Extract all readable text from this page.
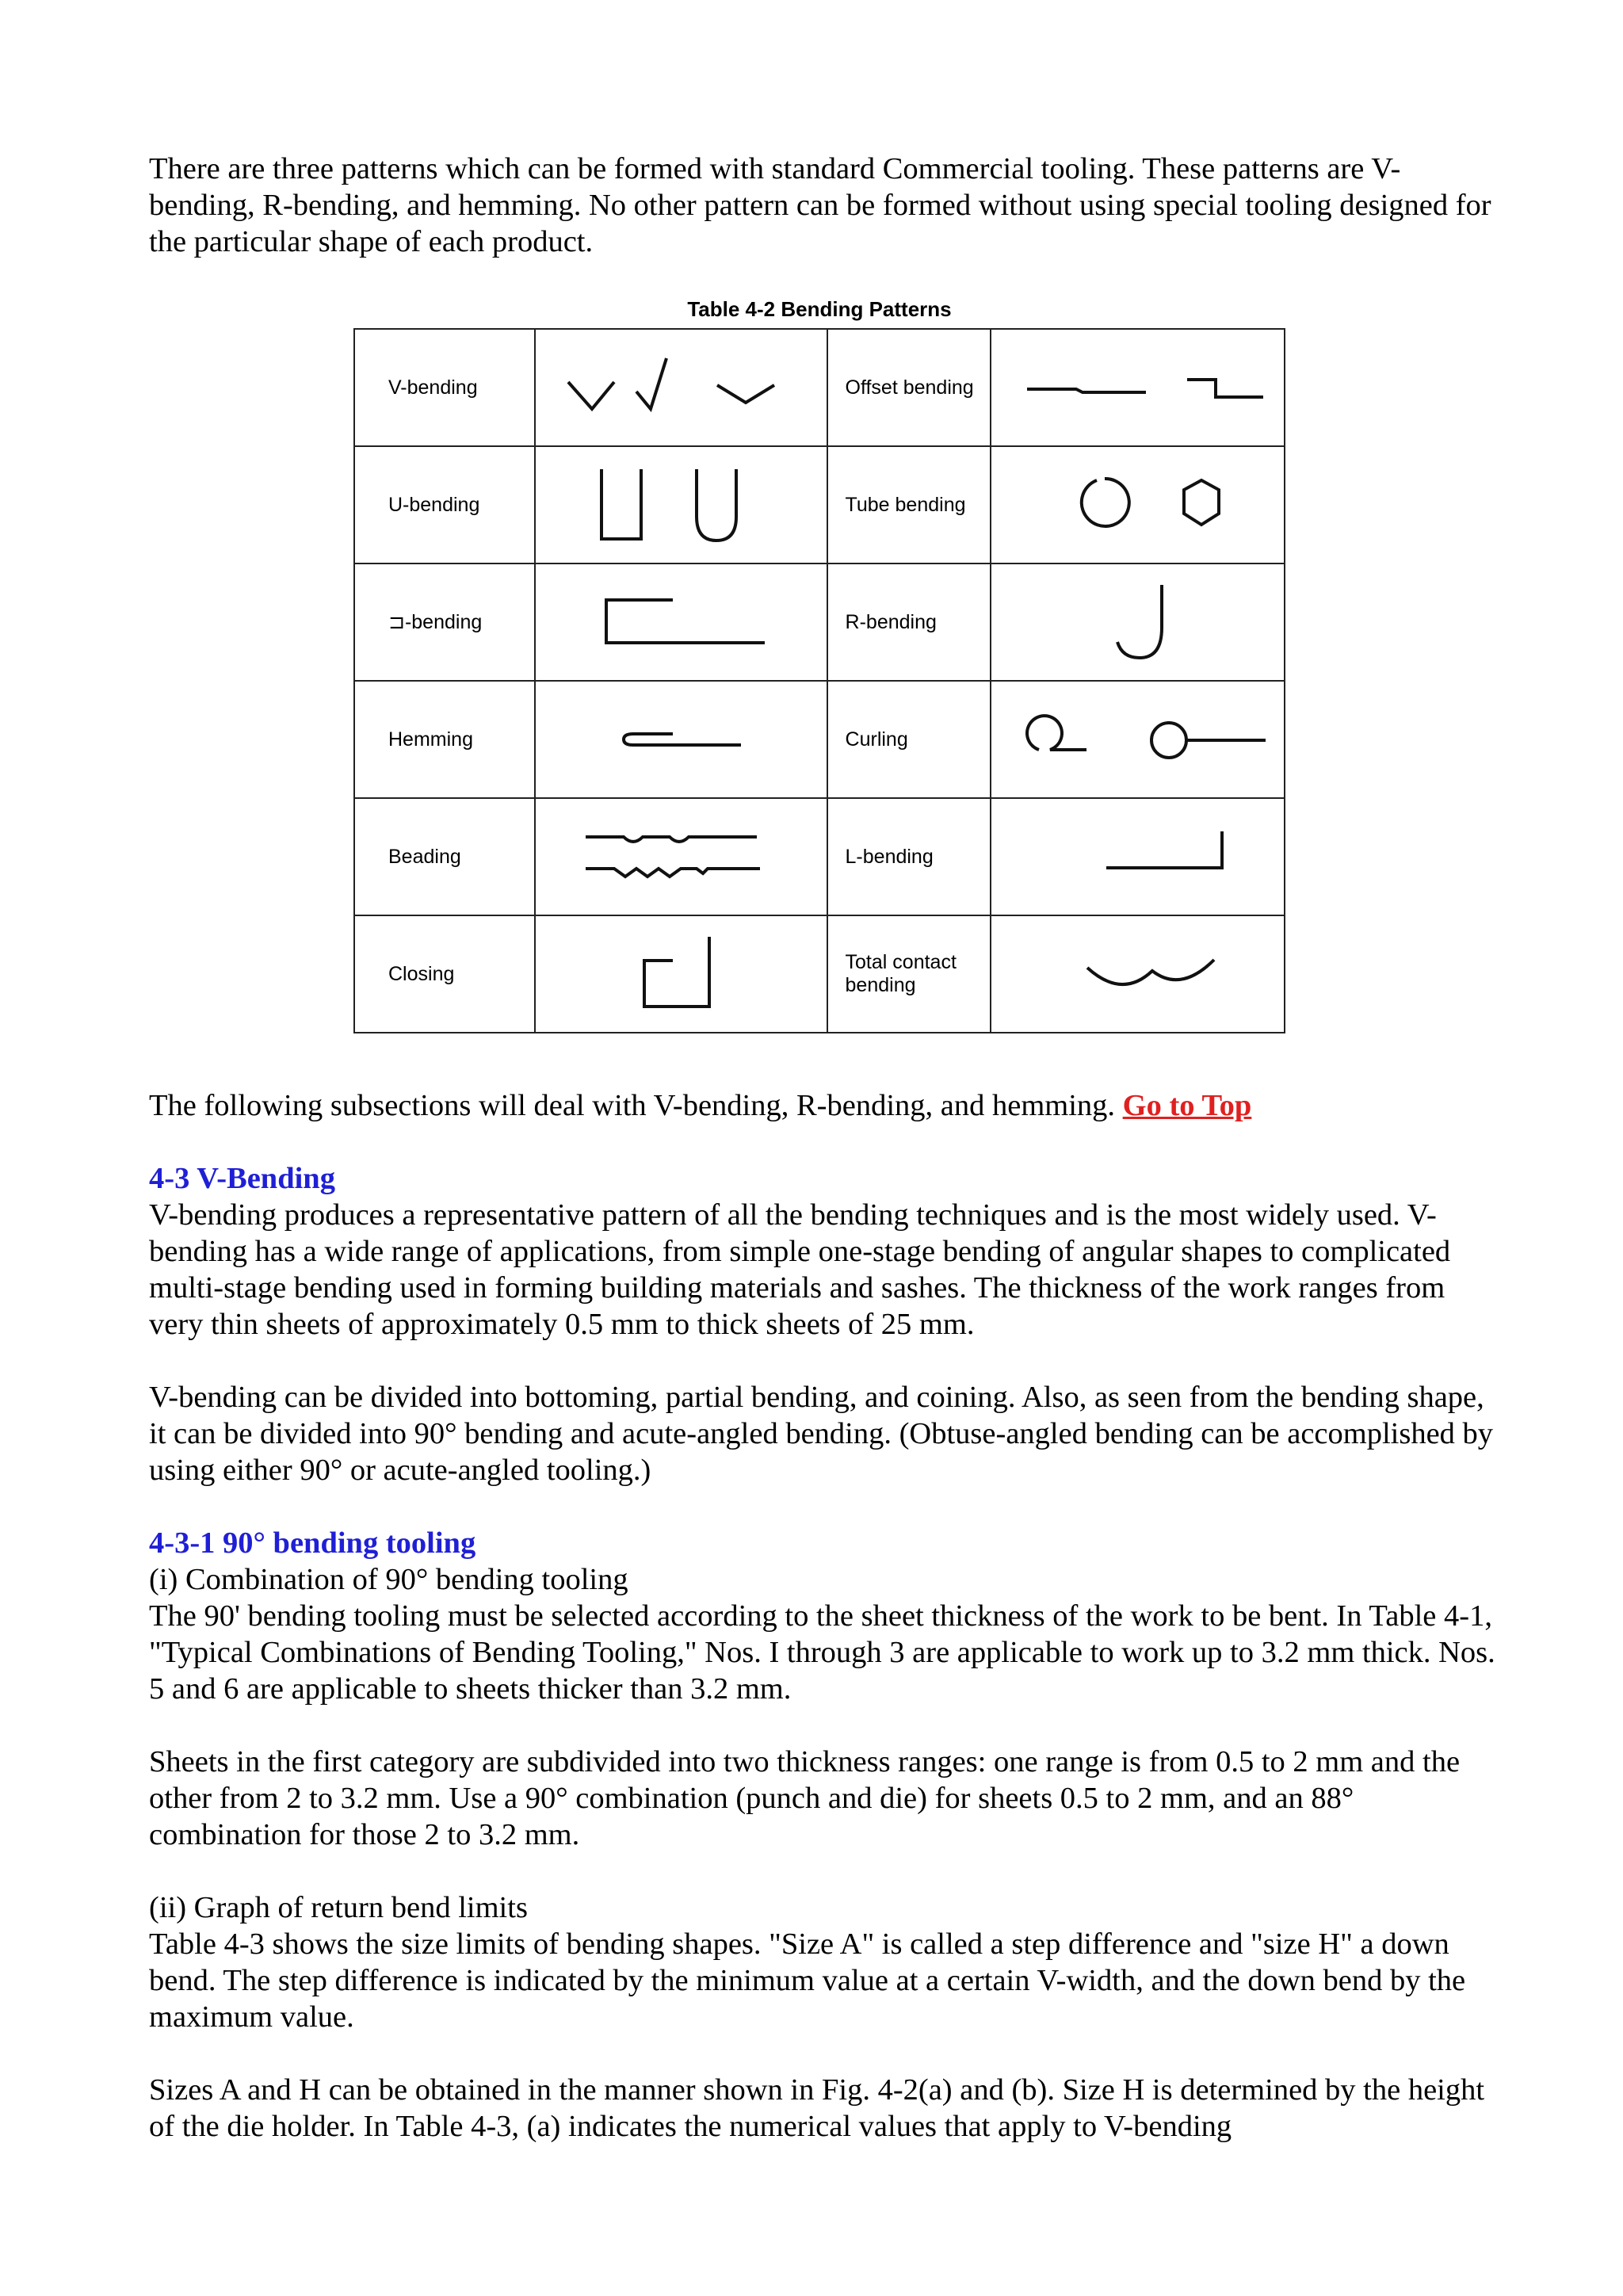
There are three patterns which can be formed with standard Commercial tooling. These patterns are V-bending, R-bending, and hemming. No other pattern can be formed without using special tooling designed for the particular shape of each product.

Table 4-2 Bending Patterns
V-bending		Offset bending	

U-bending		Tube bending	

⊐-bending		R-bending	

Hemming		Curling	

Beading		L-bending	

Closing		Total contact
bending

The following subsections will deal with V-bending, R-bending, and hemming. Go to Top

4-3 V-Bending

V-bending produces a representative pattern of all the bending techniques and is the most widely used. V-bending has a wide range of applications, from simple one-stage bending of angular shapes to complicated multi-stage bending used in forming building materials and sashes. The thickness of the work ranges from very thin sheets of approximately 0.5 mm to thick sheets of 25 mm.

V-bending can be divided into bottoming, partial bending, and coining. Also, as seen from the bending shape, it can be divided into 90° bending and acute-angled bending. (Obtuse-angled bending can be accomplished by using either 90° or acute-angled tooling.)

4-3-1 90° bending tooling

(i) Combination of 90° bending tooling

The 90' bending tooling must be selected according to the sheet thickness of the work to be bent. In Table 4-1, "Typical Combinations of Bending Tooling," Nos. I through 3 are applicable to work up to 3.2 mm thick. Nos. 5 and 6 are applicable to sheets thicker than 3.2 mm.

Sheets in the first category are subdivided into two thickness ranges: one range is from 0.5 to 2 mm and the other from 2 to 3.2 mm. Use a 90° combination (punch and die) for sheets 0.5 to 2 mm, and an 88° combination for those 2 to 3.2 mm.

(ii) Graph of return bend limits

Table 4-3 shows the size limits of bending shapes. "Size A" is called a step difference and "size H" a down bend. The step difference is indicated by the minimum value at a certain V-width, and the down bend by the maximum value.

Sizes A and H can be obtained in the manner shown in Fig. 4-2(a) and (b). Size H is determined by the height of the die holder. In Table 4-3, (a) indicates the numerical values that apply to V-bending
